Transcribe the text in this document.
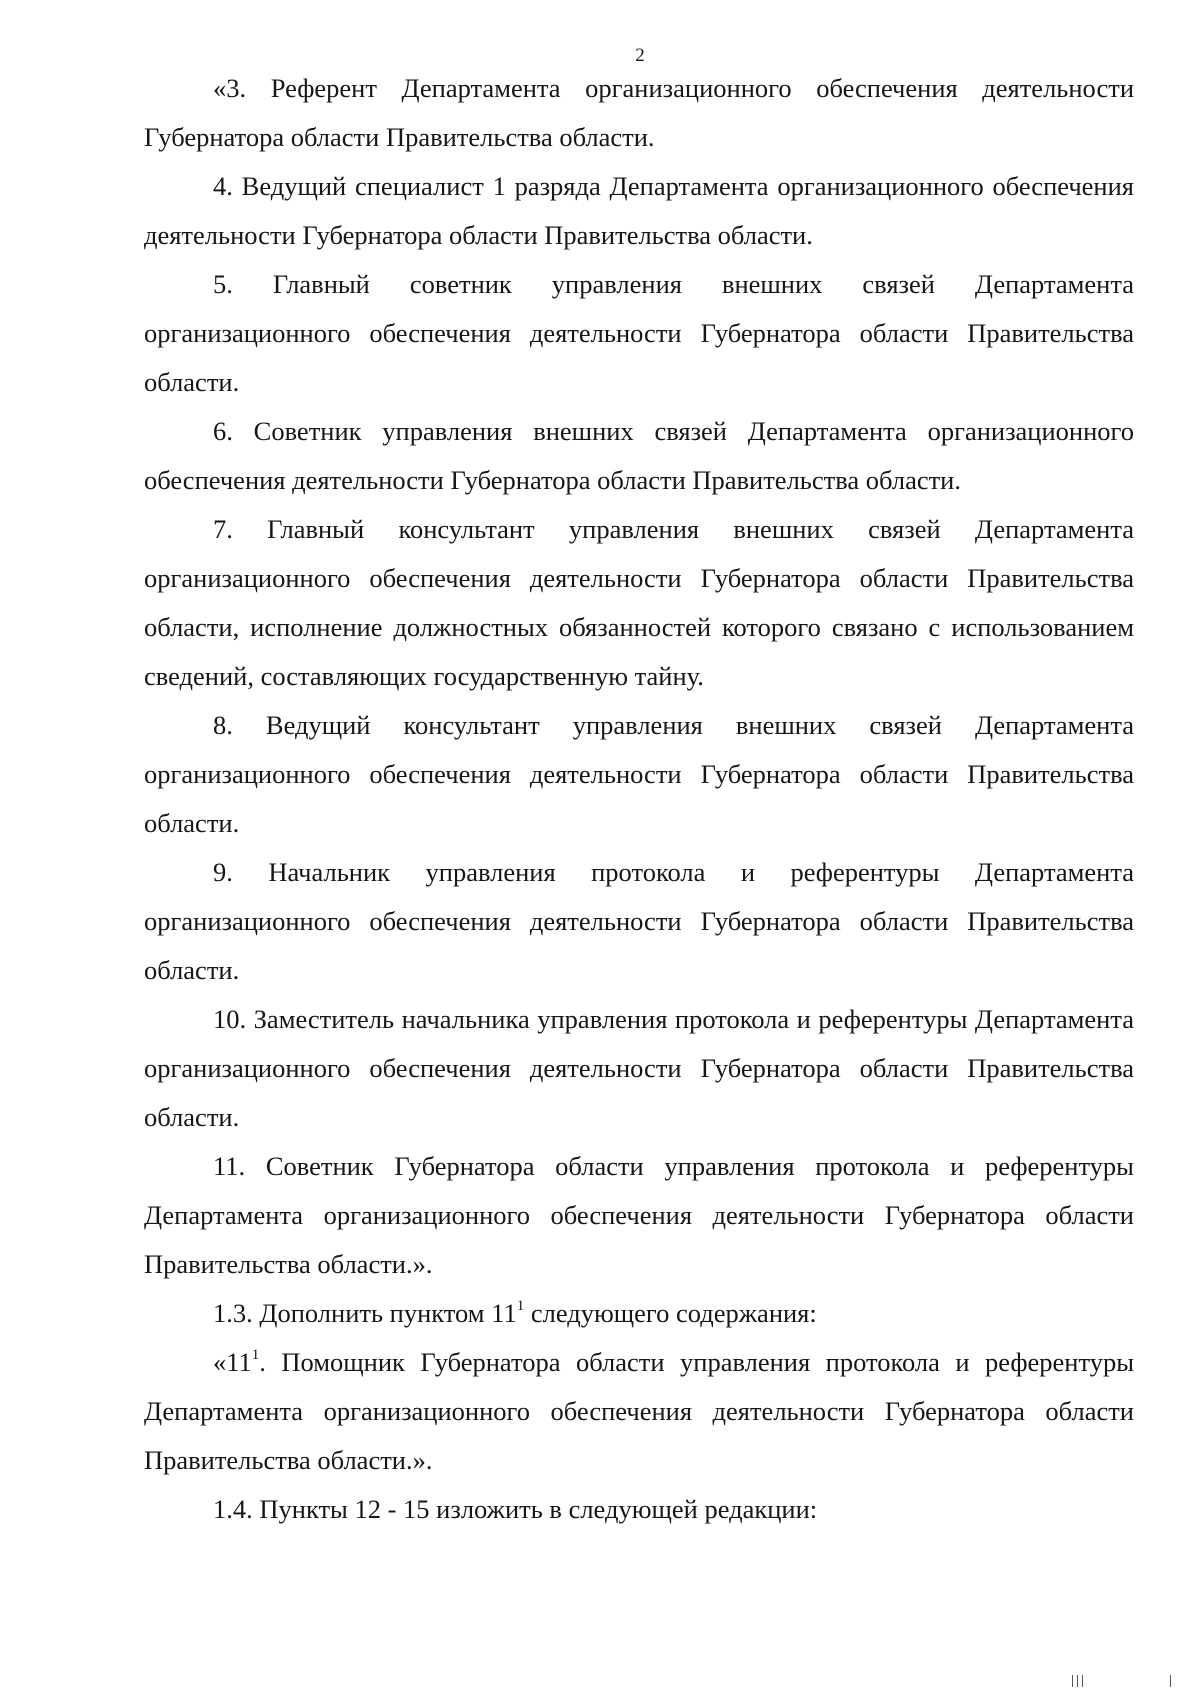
2

«3. Референт Департамента организационного обеспечения деятельности Губернатора области Правительства области.

4. Ведущий специалист 1 разряда Департамента организационного обеспечения деятельности Губернатора области Правительства области.

5. Главный советник управления внешних связей Департамента организационного обеспечения деятельности Губернатора области Правительства области.

6. Советник управления внешних связей Департамента организационного обеспечения деятельности Губернатора области Правительства области.

7. Главный консультант управления внешних связей Департамента организационного обеспечения деятельности Губернатора области Правительства области, исполнение должностных обязанностей которого связано с использованием сведений, составляющих государственную тайну.

8. Ведущий консультант управления внешних связей Департамента организационного обеспечения деятельности Губернатора области Правительства области.

9. Начальник управления протокола и референтуры Департамента организационного обеспечения деятельности Губернатора области Правительства области.

10. Заместитель начальника управления протокола и референтуры Департамента организационного обеспечения деятельности Губернатора области Правительства области.

11. Советник Губернатора области управления протокола и референтуры Департамента организационного обеспечения деятельности Губернатора области Правительства области.».

1.3. Дополнить пунктом $11^1$ следующего содержания:

«$11^1$. Помощник Губернатора области управления протокола и референтуры Департамента организационного обеспечения деятельности Губернатора области Правительства области.».

1.4. Пункты 12 - 15 изложить в следующей редакции:
